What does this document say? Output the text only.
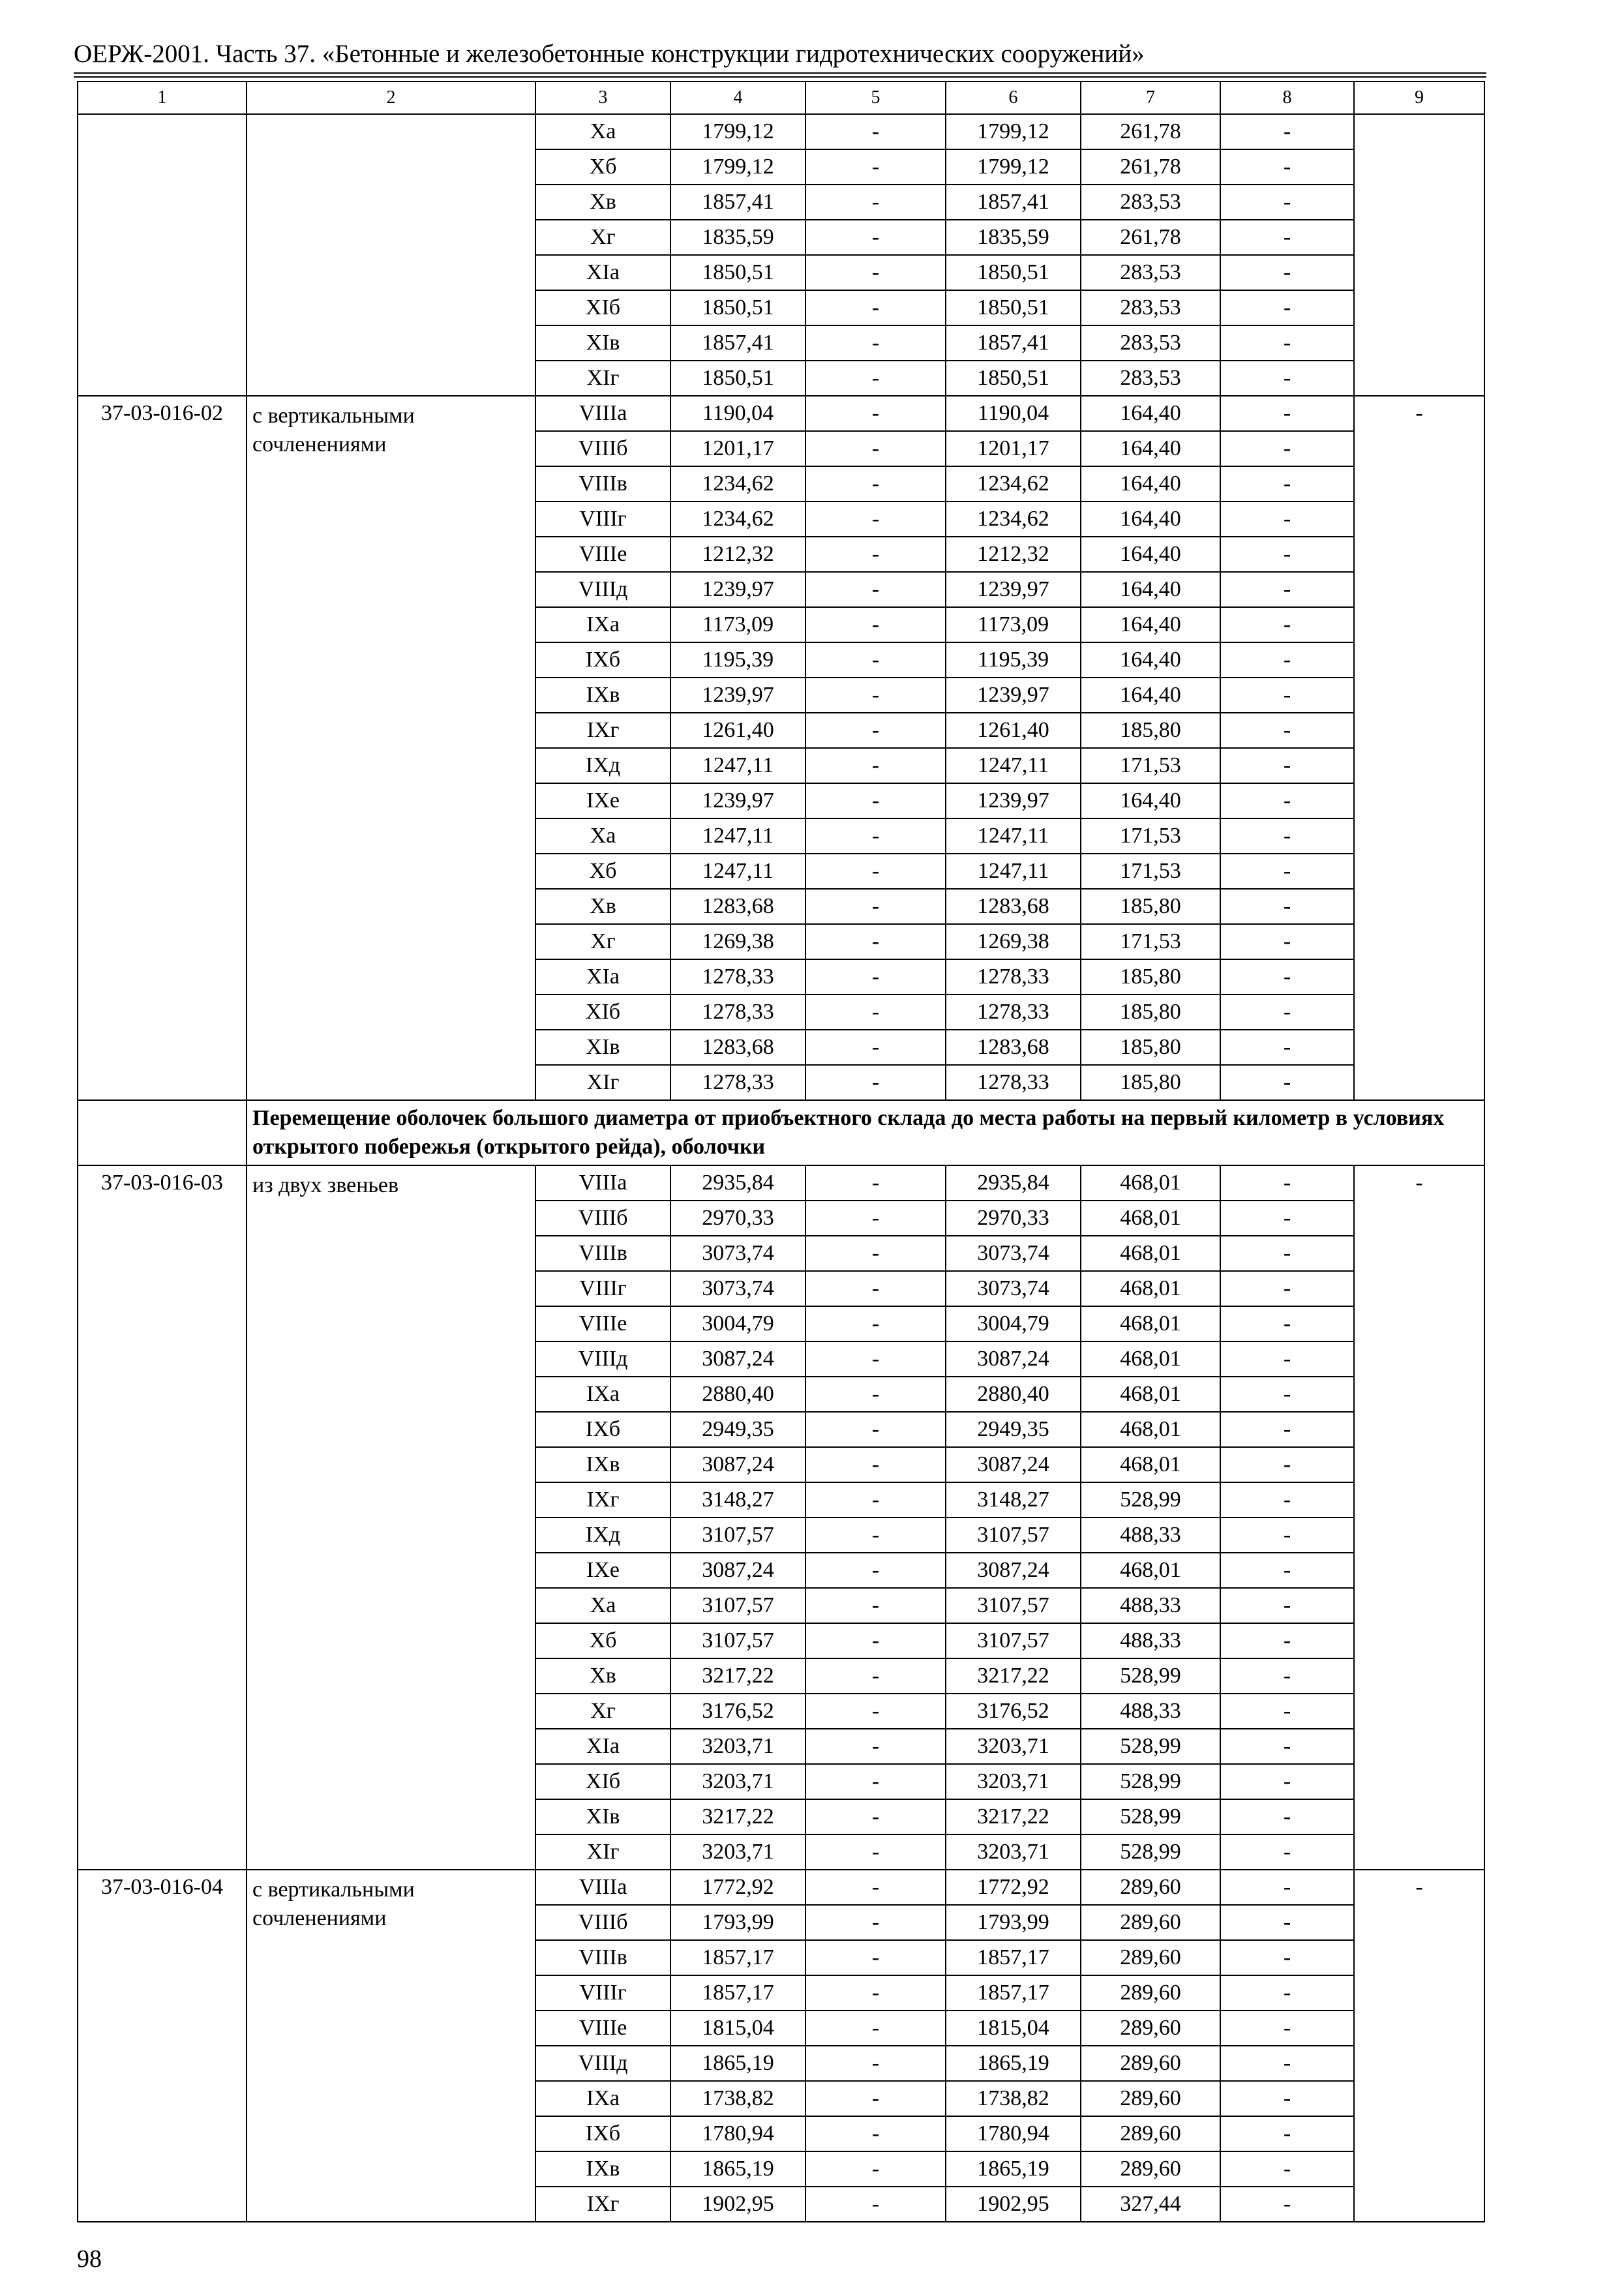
ОЕРЖ-2001. Часть 37. «Бетонные и железобетонные конструкции гидротехнических сооружений»
1	2	3	4	5	6	7	8	9
		Xa	1799,12	-	1799,12	261,78	-	
		Xб	1799,12	-	1799,12	261,78	-	
		Xв	1857,41	-	1857,41	283,53	-	
		Xг	1835,59	-	1835,59	261,78	-	
		XIa	1850,51	-	1850,51	283,53	-	
		XIб	1850,51	-	1850,51	283,53	-	
		XIв	1857,41	-	1857,41	283,53	-	
		XIг	1850,51	-	1850,51	283,53	-	
37-03-016-02	с вертикальными сочленениями	VIIIa	1190,04	-	1190,04	164,40	-	-
		VIIIб	1201,17	-	1201,17	164,40	-	
		VIIIв	1234,62	-	1234,62	164,40	-	
		VIIIг	1234,62	-	1234,62	164,40	-	
		VIIIе	1212,32	-	1212,32	164,40	-	
		VIIIд	1239,97	-	1239,97	164,40	-	
		IXa	1173,09	-	1173,09	164,40	-	
		IXб	1195,39	-	1195,39	164,40	-	
		IXв	1239,97	-	1239,97	164,40	-	
		IXг	1261,40	-	1261,40	185,80	-	
		IXд	1247,11	-	1247,11	171,53	-	
		IXe	1239,97	-	1239,97	164,40	-	
		Xa	1247,11	-	1247,11	171,53	-	
		Xб	1247,11	-	1247,11	171,53	-	
		Xв	1283,68	-	1283,68	185,80	-	
		Xг	1269,38	-	1269,38	171,53	-	
		XIa	1278,33	-	1278,33	185,80	-	
		XIб	1278,33	-	1278,33	185,80	-	
		XIв	1283,68	-	1283,68	185,80	-	
		XIг	1278,33	-	1278,33	185,80	-	
	Перемещение оболочек большого диаметра от приобъектного склада до места работы на первый километр в условиях открытого побережья (открытого рейда), оболочки							
37-03-016-03	из двух звеньев	VIIIa	2935,84	-	2935,84	468,01	-	-
		VIIIб	2970,33	-	2970,33	468,01	-	
		VIIIв	3073,74	-	3073,74	468,01	-	
		VIIIг	3073,74	-	3073,74	468,01	-	
		VIIIе	3004,79	-	3004,79	468,01	-	
		VIIIд	3087,24	-	3087,24	468,01	-	
		IXa	2880,40	-	2880,40	468,01	-	
		IXб	2949,35	-	2949,35	468,01	-	
		IXв	3087,24	-	3087,24	468,01	-	
		IXг	3148,27	-	3148,27	528,99	-	
		IXд	3107,57	-	3107,57	488,33	-	
		IXe	3087,24	-	3087,24	468,01	-	
		Xa	3107,57	-	3107,57	488,33	-	
		Xб	3107,57	-	3107,57	488,33	-	
		Xв	3217,22	-	3217,22	528,99	-	
		Xг	3176,52	-	3176,52	488,33	-	
		XIa	3203,71	-	3203,71	528,99	-	
		XIб	3203,71	-	3203,71	528,99	-	
		XIв	3217,22	-	3217,22	528,99	-	
		XIг	3203,71	-	3203,71	528,99	-	
37-03-016-04	с вертикальными сочленениями	VIIIa	1772,92	-	1772,92	289,60	-	-
		VIIIб	1793,99	-	1793,99	289,60	-	
		VIIIв	1857,17	-	1857,17	289,60	-	
		VIIIг	1857,17	-	1857,17	289,60	-	
		VIIIе	1815,04	-	1815,04	289,60	-	
		VIIIд	1865,19	-	1865,19	289,60	-	
		IXa	1738,82	-	1738,82	289,60	-	
		IXб	1780,94	-	1780,94	289,60	-	
		IXв	1865,19	-	1865,19	289,60	-	
		IXг	1902,95	-	1902,95	327,44	-	
98
